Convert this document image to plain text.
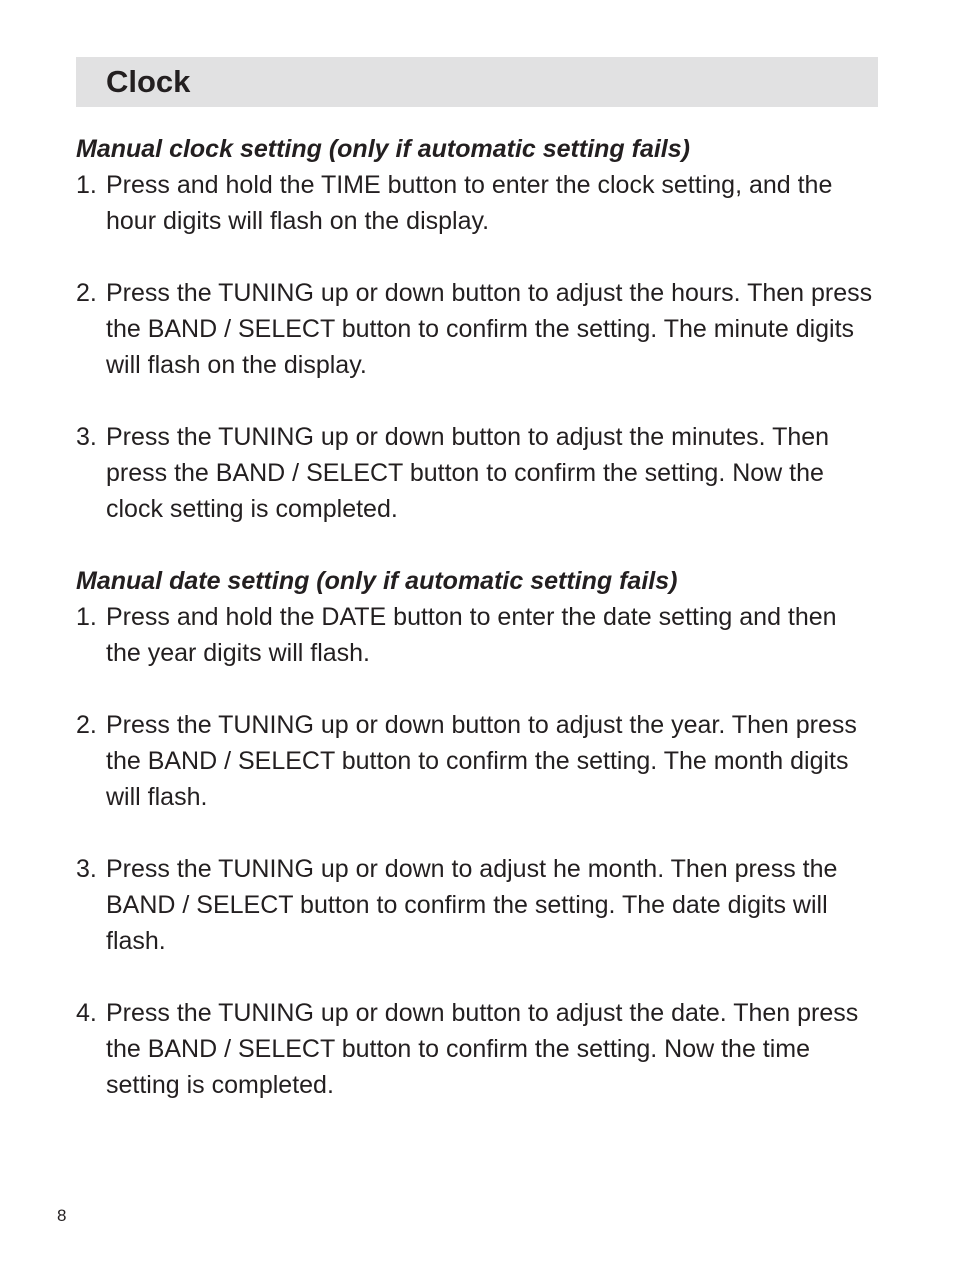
Clock

Manual clock setting (only if automatic setting fails)

1. Press and hold the TIME button to enter the clock setting, and the hour digits will flash on the display.
2. Press the TUNING up or down button to adjust the hours. Then press the BAND / SELECT button to confirm the setting. The minute digits will flash on the display.
3. Press the TUNING up or down button to adjust the minutes. Then press the BAND / SELECT button to confirm the setting. Now the clock setting is completed.

Manual date setting (only if automatic setting fails)

1. Press and hold the DATE button to enter the date setting and then the year digits will flash.
2. Press the TUNING up or down button to adjust the year. Then press the BAND / SELECT button to confirm the setting. The month digits will flash.
3. Press the TUNING up or down to adjust he month. Then press the BAND / SELECT button to confirm the setting. The date digits will flash.
4. Press the TUNING up or down button to adjust the date. Then press the BAND / SELECT button to confirm the setting. Now the time setting is completed.
8
